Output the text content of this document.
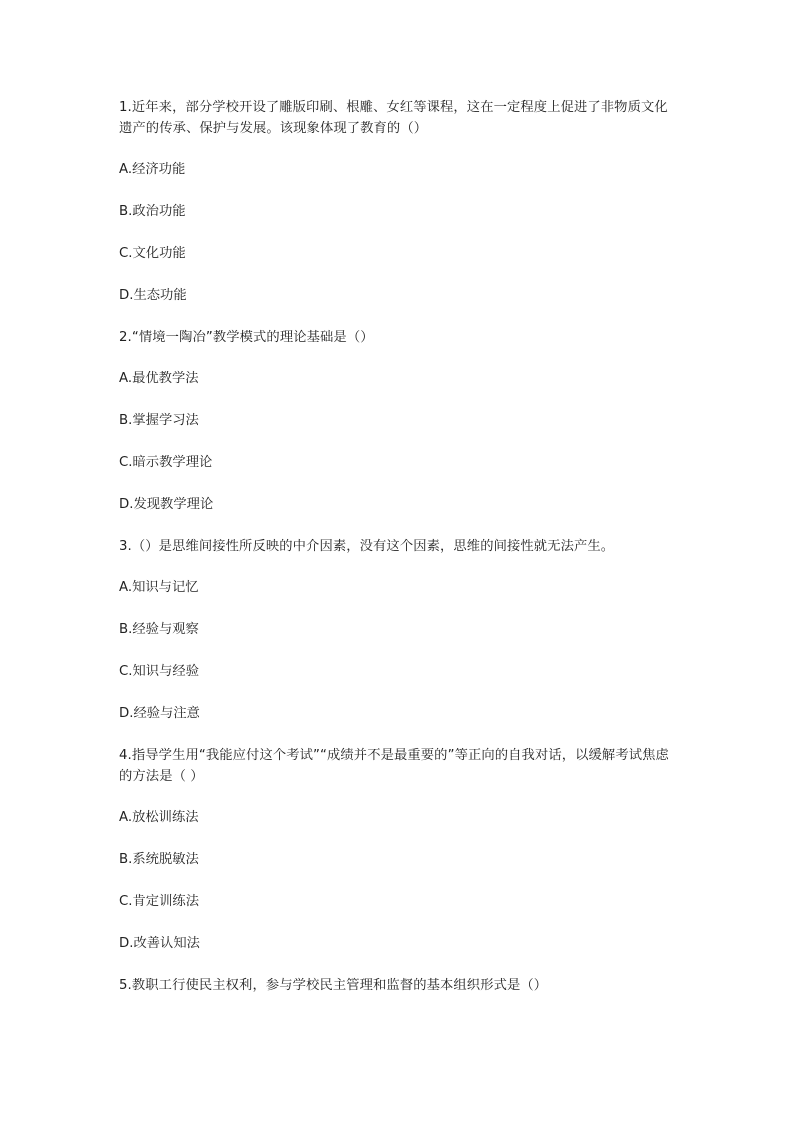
1.近年来，部分学校开设了雕版印刷、根雕、女红等课程，这在一定程度上促进了非物质文化遗产的传承、保护与发展。该现象体现了教育的（）

A.经济功能

B.政治功能

C.文化功能

D.生态功能

2.“情境一陶冶”教学模式的理论基础是（）

A.最优教学法

B.掌握学习法

C.暗示教学理论

D.发现教学理论

3.（）是思维间接性所反映的中介因素，没有这个因素，思维的间接性就无法产生。

A.知识与记忆

B.经验与观察

C.知识与经验

D.经验与注意

4.指导学生用“我能应付这个考试”“成绩并不是最重要的”等正向的自我对话，以缓解考试焦虑的方法是（ ）

A.放松训练法

B.系统脱敏法

C.肯定训练法

D.改善认知法

5.教职工行使民主权利，参与学校民主管理和监督的基本组织形式是（）
